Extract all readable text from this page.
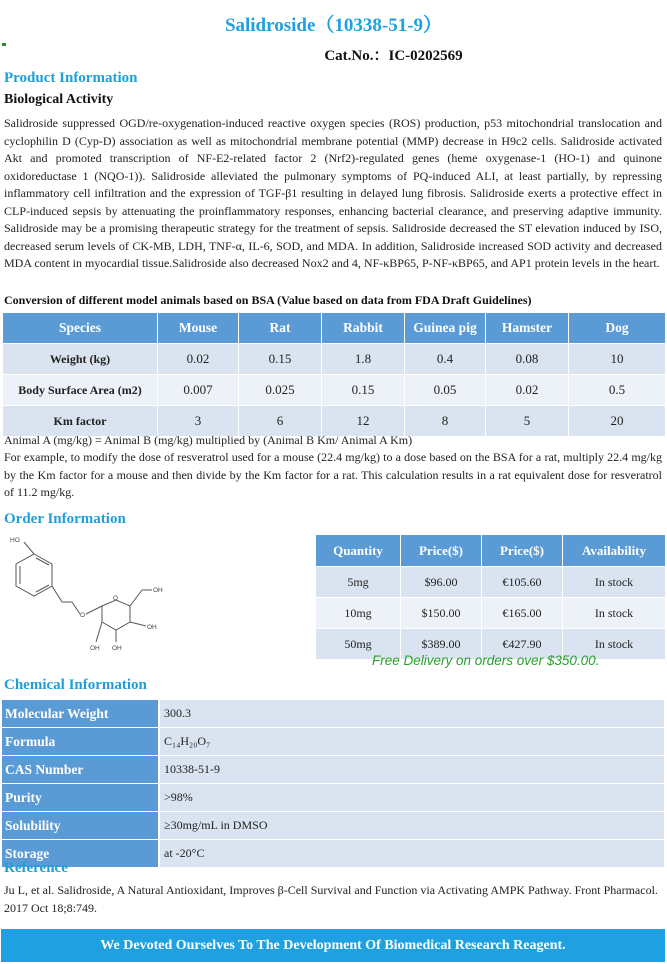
Salidroside（10338-51-9）
Cat.No.：IC-0202569
Product Information
Biological Activity
Salidroside suppressed OGD/re-oxygenation-induced reactive oxygen species (ROS) production, p53 mitochondrial translocation and cyclophilin D (Cyp-D) association as well as mitochondrial membrane potential (MMP) decrease in H9c2 cells. Salidroside activated Akt and promoted transcription of NF-E2-related factor 2 (Nrf2)-regulated genes (heme oxygenase-1 (HO-1) and quinone oxidoreductase 1 (NQO-1)). Salidroside alleviated the pulmonary symptoms of PQ-induced ALI, at least partially, by repressing inflammatory cell infiltration and the expression of TGF-β1 resulting in delayed lung fibrosis. Salidroside exerts a protective effect in CLP-induced sepsis by attenuating the proinflammatory responses, enhancing bacterial clearance, and preserving adaptive immunity. Salidroside may be a promising therapeutic strategy for the treatment of sepsis. Salidroside decreased the ST elevation induced by ISO, decreased serum levels of CK-MB, LDH, TNF-α, IL-6, SOD, and MDA. In addition, Salidroside increased SOD activity and decreased MDA content in myocardial tissue.Salidroside also decreased Nox2 and 4, NF-κBP65, P-NF-κBP65, and AP1 protein levels in the heart.
Conversion of different model animals based on BSA (Value based on data from FDA Draft Guidelines)
Species	Mouse	Rat	Rabbit	Guinea pig	Hamster	Dog
Weight (kg)	0.02	0.15	1.8	0.4	0.08	10
Body Surface Area (m2)	0.007	0.025	0.15	0.05	0.02	0.5
Km factor	3	6	12	8	5	20
Animal A (mg/kg) = Animal B (mg/kg) multiplied by (Animal B Km/ Animal A Km)
For example, to modify the dose of resveratrol used for a mouse (22.4 mg/kg) to a dose based on the BSA for a rat, multiply 22.4 mg/kg by the Km factor for a mouse and then divide by the Km factor for a rat. This calculation results in a rat equivalent dose for resveratrol of 11.2 mg/kg.
Order Information
HO
O
O
OH
OH
OH
OH
Quantity	Price($)	Price($)	Availability
5mg	$96.00	€105.60	In stock
10mg	$150.00	€165.00	In stock
50mg	$389.00	€427.90	In stock
Free Delivery on orders over $350.00.
Chemical Information
Molecular Weight	300.3
Formula	C₁₄H₂₀O₇
CAS Number	10338-51-9
Purity	>98%
Solubility	≥30mg/mL in DMSO
Storage	at -20°C
Reference
Ju L, et al. Salidroside, A Natural Antioxidant, Improves β-Cell Survival and Function via Activating AMPK Pathway. Front Pharmacol. 2017 Oct 18;8:749.
We Devoted Ourselves To The Development Of Biomedical Research Reagent.
